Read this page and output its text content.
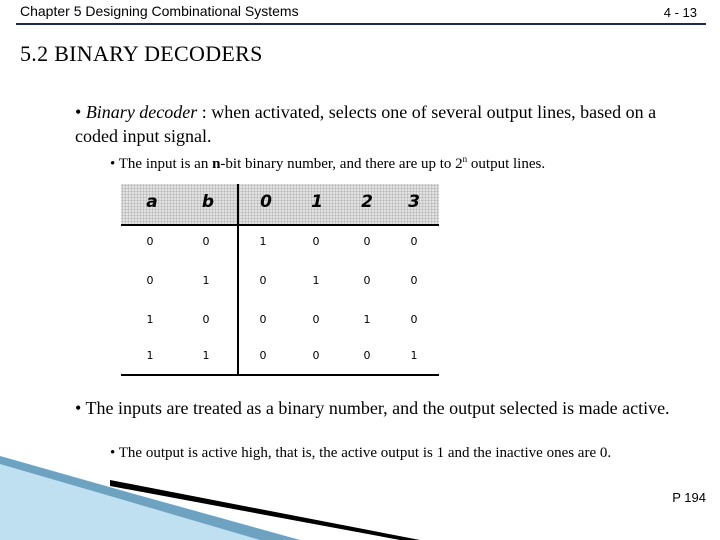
Chapter 5 Designing Combinational Systems	4 - 13
5.2 BINARY DECODERS
• Binary decoder : when activated, selects one of several output lines, based on a coded input signal.
• The input is an n-bit binary number, and there are up to 2$^n$ output lines.
a	b	0	1	2	3
0	0	1	0	0	0
0	1	0	1	0	0
1	0	0	0	1	0
1	1	0	0	0	1
• The inputs are treated as a binary number, and the output selected is made active.
• The output is active high, that is, the active output is 1 and the inactive ones are 0.
P 194
